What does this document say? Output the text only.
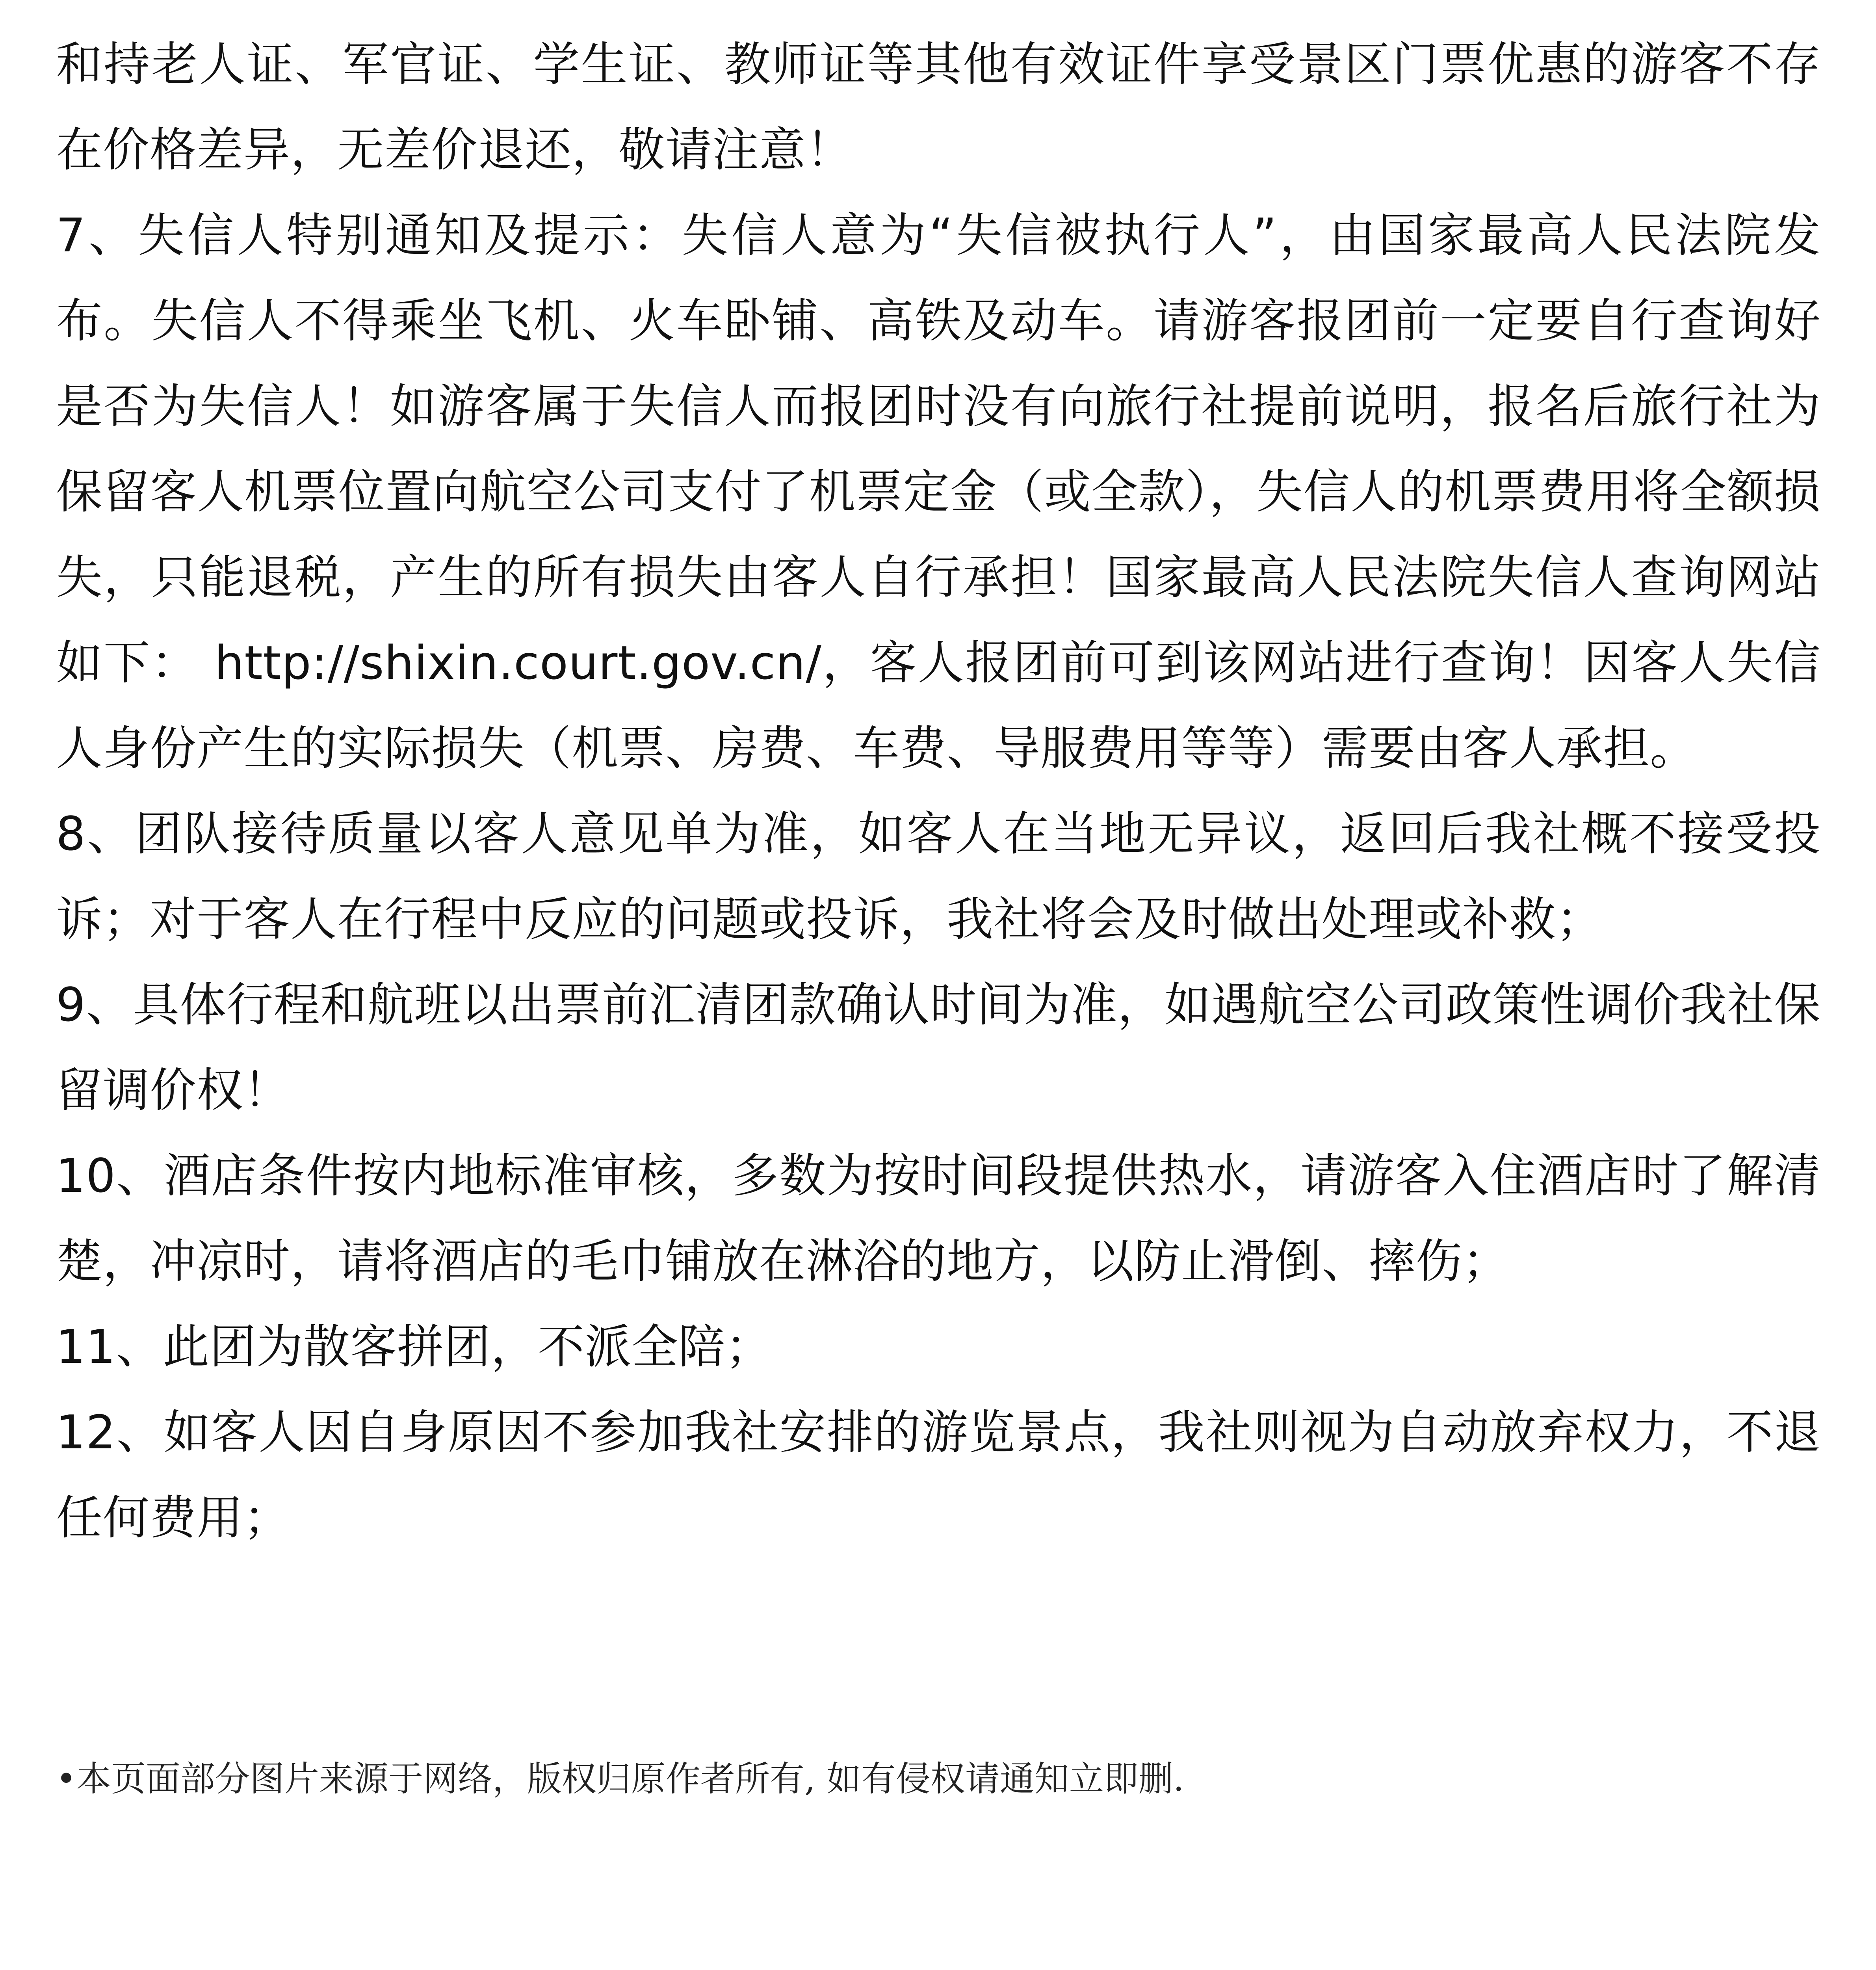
和持老人证、军官证、学生证、教师证等其他有效证件享受景区门票优惠的游客不存在价格差异，无差价退还，敬请注意！

7、失信人特别通知及提示：失信人意为“失信被执行人”，由国家最高人民法院发布。失信人不得乘坐飞机、火车卧铺、高铁及动车。请游客报团前一定要自行查询好是否为失信人！如游客属于失信人而报团时没有向旅行社提前说明，报名后旅行社为保留客人机票位置向航空公司支付了机票定金（或全款），失信人的机票费用将全额损失，只能退税，产生的所有损失由客人自行承担！国家最高人民法院失信人查询网站如下： http://shixin.court.gov.cn/，客人报团前可到该网站进行查询！因客人失信人身份产生的实际损失（机票、房费、车费、导服费用等等）需要由客人承担。

8、团队接待质量以客人意见单为准，如客人在当地无异议，返回后我社概不接受投诉；对于客人在行程中反应的问题或投诉，我社将会及时做出处理或补救；

9、具体行程和航班以出票前汇清团款确认时间为准，如遇航空公司政策性调价我社保留调价权！

10、酒店条件按内地标准审核，多数为按时间段提供热水，请游客入住酒店时了解清楚，冲凉时，请将酒店的毛巾铺放在淋浴的地方，以防止滑倒、摔伤；

11、此团为散客拼团，不派全陪；

12、如客人因自身原因不参加我社安排的游览景点，我社则视为自动放弃权力，不退任何费用；

•本页面部分图片来源于网络，版权归原作者所有, 如有侵权请通知立即删.
